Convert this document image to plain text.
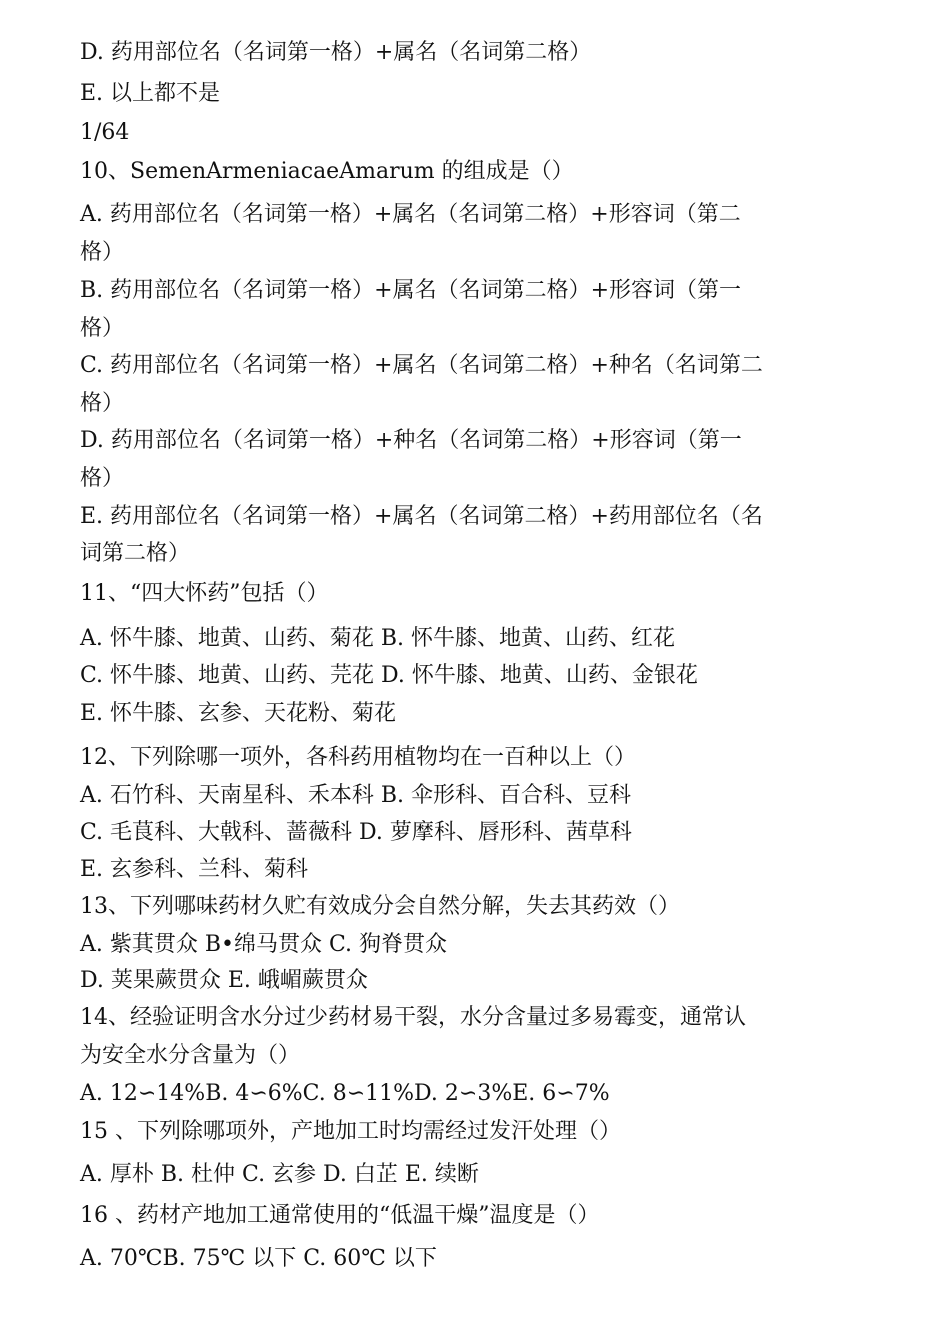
D. 药用部位名（名词第一格）+属名（名词第二格）
E. 以上都不是
1/64
10、SemenArmeniacaeAmarum 的组成是（）
A. 药用部位名（名词第一格）+属名（名词第二格）+形容词（第二
格）
B. 药用部位名（名词第一格）+属名（名词第二格）+形容词（第一
格）
C. 药用部位名（名词第一格）+属名（名词第二格）+种名（名词第二
格）
D. 药用部位名（名词第一格）+种名（名词第二格）+形容词（第一
格）
E. 药用部位名（名词第一格）+属名（名词第二格）+药用部位名（名
词第二格）
11、“四大怀药”包括（）
A. 怀牛膝、地黄、山药、菊花 B. 怀牛膝、地黄、山药、红花
C. 怀牛膝、地黄、山药、芫花 D. 怀牛膝、地黄、山药、金银花
E. 怀牛膝、玄参、天花粉、菊花
12、下列除哪一项外，各科药用植物均在一百种以上（）
A. 石竹科、天南星科、禾本科 B. 伞形科、百合科、豆科
C. 毛茛科、大戟科、蔷薇科 D. 萝摩科、唇形科、茜草科
E. 玄参科、兰科、菊科
13、下列哪味药材久贮有效成分会自然分解，失去其药效（）
A. 紫萁贯众 B•绵马贯众 C. 狗脊贯众
D. 荚果蕨贯众 E. 峨嵋蕨贯众
14、经验证明含水分过少药材易干裂，水分含量过多易霉变，通常认
为安全水分含量为（）
A. 12∽14%B. 4∽6%C. 8∽11%D. 2∽3%E. 6∽7%
15 、下列除哪项外，产地加工时均需经过发汗处理（）
A. 厚朴 B. 杜仲 C. 玄参 D. 白芷 E. 续断
16 、药材产地加工通常使用的“低温干燥”温度是（）
A. 70℃B. 75℃ 以下 C. 60℃ 以下
